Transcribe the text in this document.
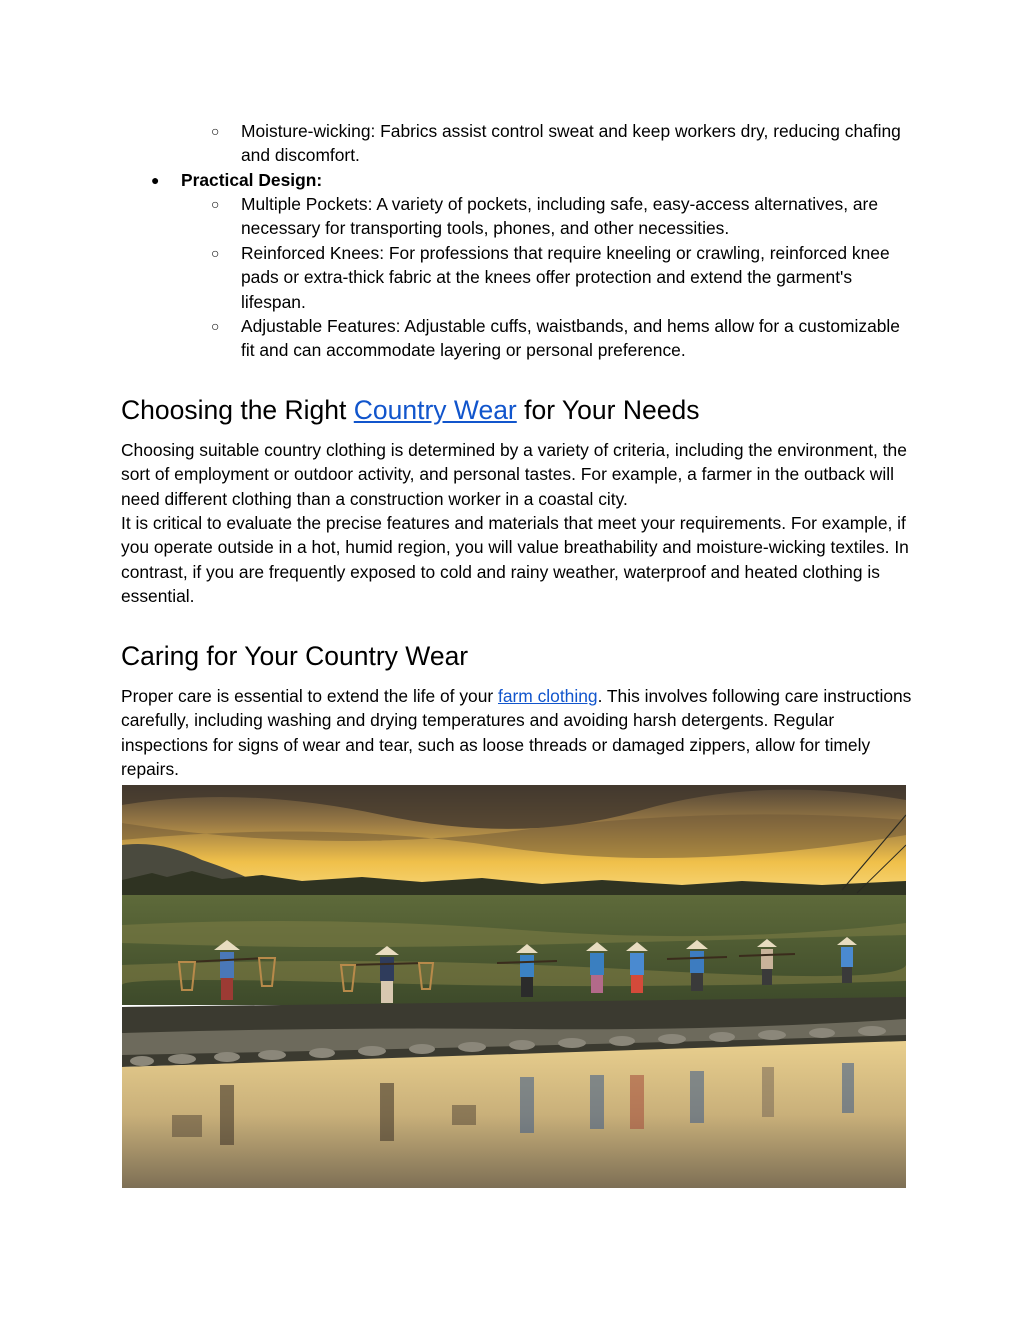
○ Moisture-wicking: Fabrics assist control sweat and keep workers dry, reducing chafing and discomfort.
● Practical Design:
○ Multiple Pockets: A variety of pockets, including safe, easy-access alternatives, are necessary for transporting tools, phones, and other necessities.
○ Reinforced Knees: For professions that require kneeling or crawling, reinforced knee pads or extra-thick fabric at the knees offer protection and extend the garment's lifespan.
○ Adjustable Features: Adjustable cuffs, waistbands, and hems allow for a customizable fit and can accommodate layering or personal preference.
Choosing the Right Country Wear for Your Needs

Choosing suitable country clothing is determined by a variety of criteria, including the environment, the sort of employment or outdoor activity, and personal tastes. For example, a farmer in the outback will need different clothing than a construction worker in a coastal city.

It is critical to evaluate the precise features and materials that meet your requirements. For example, if you operate outside in a hot, humid region, you will value breathability and moisture-wicking textiles. In contrast, if you are frequently exposed to cold and rainy weather, waterproof and heated clothing is essential.

Caring for Your Country Wear

Proper care is essential to extend the life of your farm clothing. This involves following care instructions carefully, including washing and drying temperatures and avoiding harsh detergents. Regular inspections for signs of wear and tear, such as loose threads or damaged zippers, allow for timely repairs.
